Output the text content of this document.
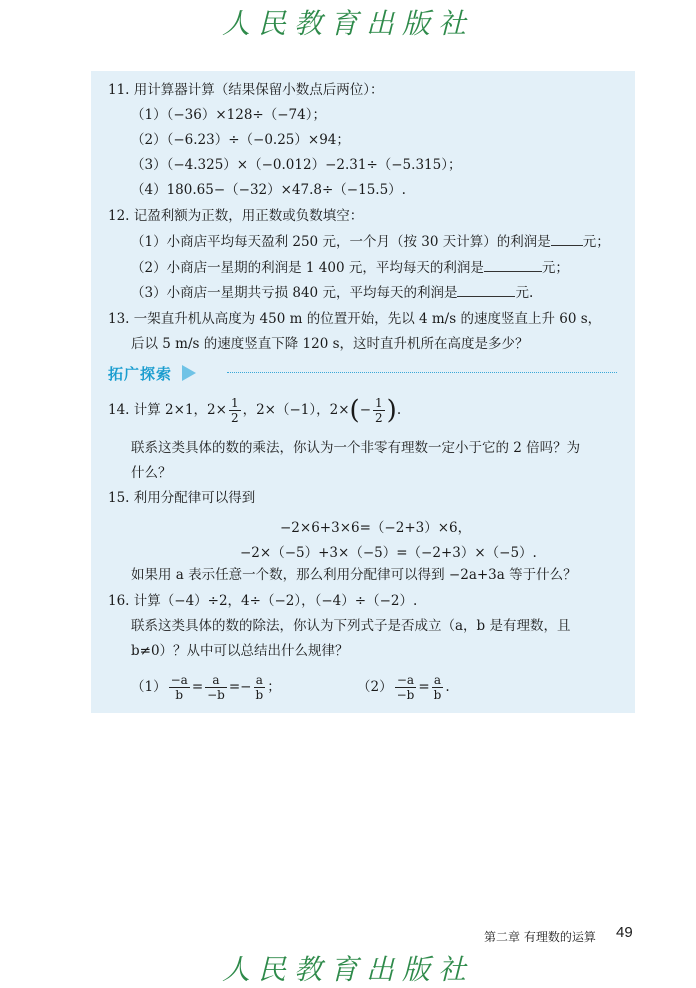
人民教育出版社
11. 用计算器计算（结果保留小数点后两位）：
（1）（−36）×128÷（−74）；
（2）（−6.23）÷（−0.25）×94；
（3）（−4.325）×（−0.012）−2.31÷（−5.315）；
（4）180.65−（−32）×47.8÷（−15.5）.
12. 记盈利额为正数，用正数或负数填空：
（1）小商店平均每天盈利 250 元，一个月（按 30 天计算）的利润是 元；
（2）小商店一星期的利润是 1 400 元，平均每天的利润是	元；
（3）小商店一星期共亏损 840 元，平均每天的利润是	元.
13. 一架直升机从高度为 450 m 的位置开始，先以 4 m/s 的速度竖直上升 60 s，
后以 5 m/s 的速度竖直下降 120 s，这时直升机所在高度是多少？
拓广探索
14. 计算 2×1，$2\times \frac{1}{2}$ ，2×（−1），$2\times(- \frac{1}{2}$ ).
联系这类具体的数的乘法，你认为一个非零有理数一定小于它的 2 倍吗？为
什么？
15. 利用分配律可以得到
−2×6+3×6=（−2+3）×6，
−2×（−5）+3×（−5）=（−2+3）×（−5）.
如果用 a 表示任意一个数，那么利用分配律可以得到 −2a+3a 等于什么？
16. 计算（−4）÷2，4÷（−2），（−4）÷（−2）.
联系这类具体的数的除法，你认为下列式子是否成立（a，b 是有理数，且
b≠0）？从中可以总结出什么规律？
$(1) \frac{-a}{b} = \frac{a}{-b} =- \frac{a}{b}$ ；	$(2) \frac{-a}{-b} = \frac{a}{b}$ .
第二章 有理数的运算 49
人民教育出版社
